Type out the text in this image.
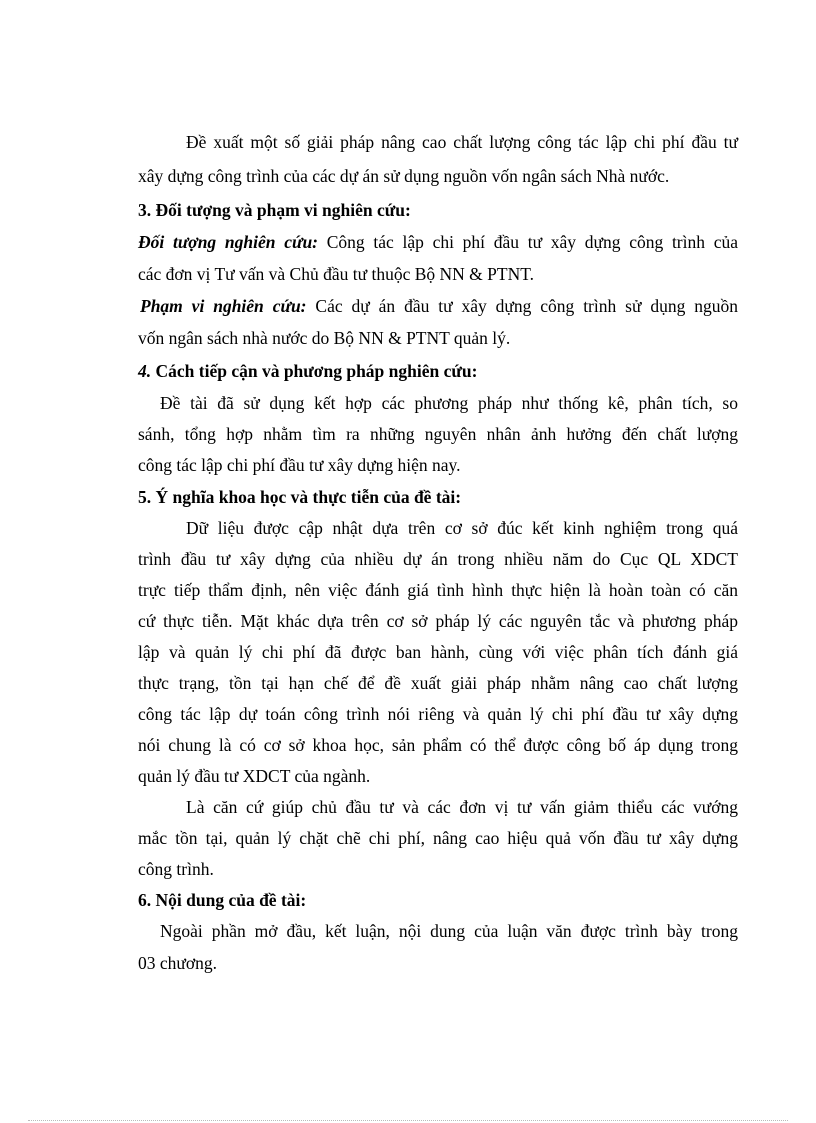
Đề xuất một số giải pháp nâng cao chất lượng công tác lập chi phí đầu tư
xây dựng công trình của các dự án sử dụng nguồn vốn ngân sách Nhà nước.
3. Đối tượng và phạm vi nghiên cứu:
Đối tượng nghiên cứu: Công tác lập chi phí đầu tư xây dựng công trình của
các đơn vị Tư vấn và Chủ đầu tư thuộc Bộ NN & PTNT.
Phạm vi nghiên cứu: Các dự án đầu tư xây dựng công trình sử dụng nguồn
vốn ngân sách nhà nước do Bộ NN & PTNT quản lý.
4. Cách tiếp cận và phương pháp nghiên cứu:
Đề tài đã sử dụng kết hợp các phương pháp như thống kê, phân tích, so
sánh, tổng hợp nhằm tìm ra những nguyên nhân ảnh hưởng đến chất lượng
công tác lập chi phí đầu tư xây dựng hiện nay.
5. Ý nghĩa khoa học và thực tiễn của đề tài:
Dữ liệu được cập nhật dựa trên cơ sở đúc kết kinh nghiệm trong quá
trình đầu tư xây dựng của nhiều dự án trong nhiều năm do Cục QL XDCT
trực tiếp thẩm định, nên việc đánh giá tình hình thực hiện là hoàn toàn có căn
cứ thực tiễn. Mặt khác dựa trên cơ sở pháp lý các nguyên tắc và phương pháp
lập và quản lý chi phí đã được ban hành, cùng với việc phân tích đánh giá
thực trạng, tồn tại hạn chế để đề xuất giải pháp nhằm nâng cao chất lượng
công tác lập dự toán công trình nói riêng và quản lý chi phí đầu tư xây dựng
nói chung là có cơ sở khoa học, sản phẩm có thể được công bố áp dụng trong
quản lý đầu tư XDCT của ngành.
Là căn cứ giúp chủ đầu tư và các đơn vị tư vấn giảm thiểu các vướng
mắc tồn tại, quản lý chặt chẽ chi phí, nâng cao hiệu quả vốn đầu tư xây dựng
công trình.
6. Nội dung của đề tài:
Ngoài phần mở đầu, kết luận, nội dung của luận văn được trình bày trong
03 chương.
